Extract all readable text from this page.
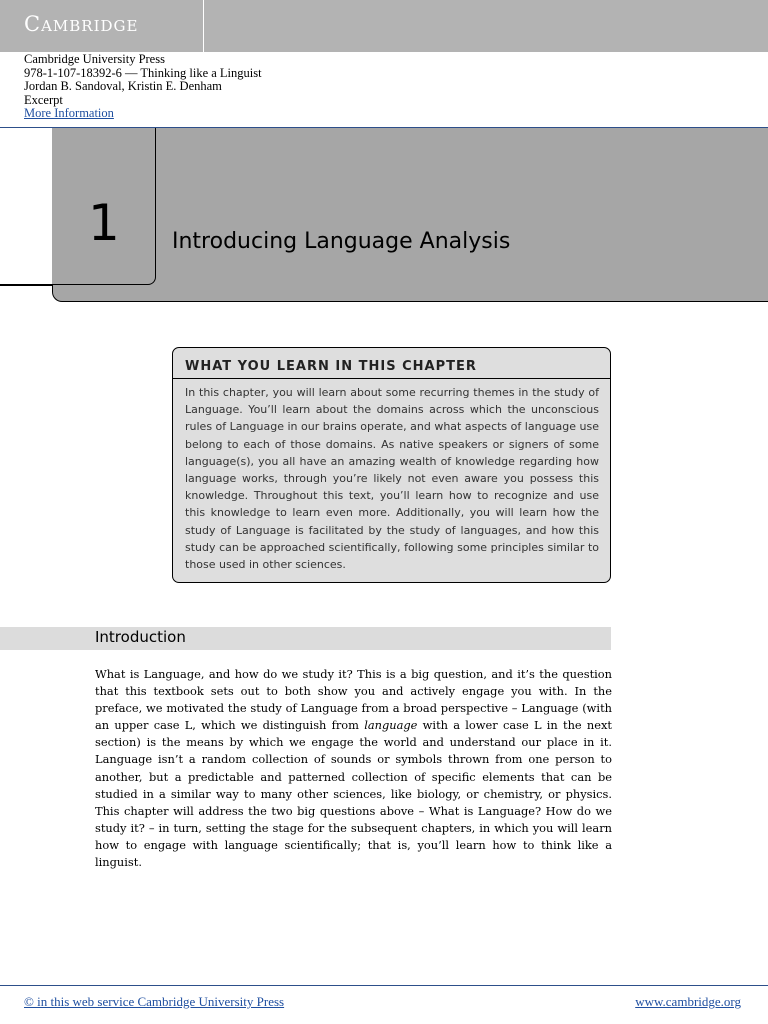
Cambridge
Cambridge University Press
978-1-107-18392-6 — Thinking like a Linguist
Jordan B. Sandoval, Kristin E. Denham
Excerpt
More Information
1 Introducing Language Analysis
WHAT YOU LEARN IN THIS CHAPTER
In this chapter, you will learn about some recurring themes in the study of Language. You’ll learn about the domains across which the unconscious rules of Language in our brains operate, and what aspects of language use belong to each of those domains. As native speakers or signers of some language(s), you all have an amazing wealth of knowledge regarding how language works, through you’re likely not even aware you possess this knowledge. Throughout this text, you’ll learn how to recognize and use this knowledge to learn even more. Additionally, you will learn how the study of Language is facilitated by the study of languages, and how this study can be approached scientifically, following some principles similar to those used in other sciences.
Introduction
What is Language, and how do we study it? This is a big question, and it’s the question that this textbook sets out to both show you and actively engage you with. In the preface, we motivated the study of Language from a broad perspective – Language (with an upper case L, which we distinguish from language with a lower case L in the next section) is the means by which we engage the world and understand our place in it. Language isn’t a random collection of sounds or symbols thrown from one person to another, but a predictable and patterned collection of specific elements that can be studied in a similar way to many other sciences, like biology, or chemistry, or physics. This chapter will address the two big questions above – What is Language? How do we study it? – in turn, setting the stage for the subsequent chapters, in which you will learn how to engage with language scientifically; that is, you’ll learn how to think like a linguist.
© in this web service Cambridge University Press	www.cambridge.org
